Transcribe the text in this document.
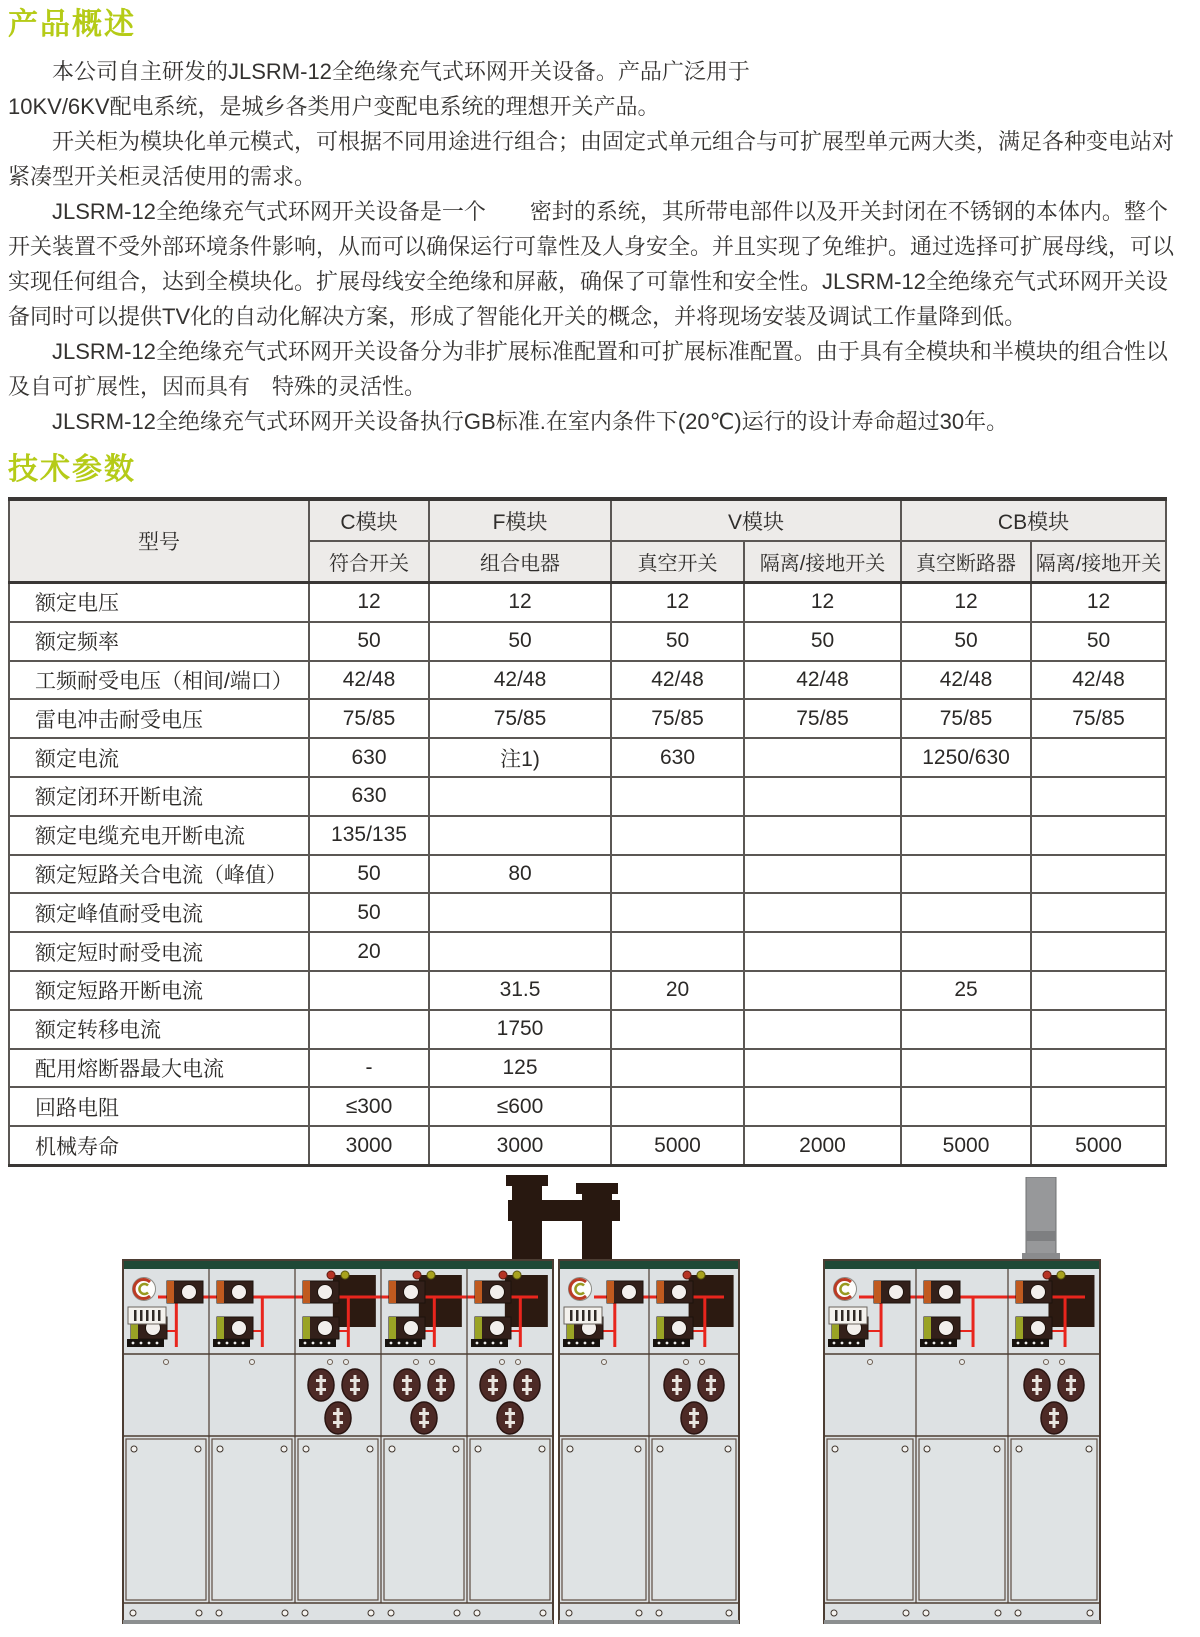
产品概述
本公司自主研发的JLSRM-12全绝缘充气式环网开关设备。产品广泛用于
10KV/6KV配电系统，是城乡各类用户变配电系统的理想开关产品。
开关柜为模块化单元模式，可根据不同用途进行组合；由固定式单元组合与可扩展型单元两大类，满足各种变电站对
紧凑型开关柜灵活使用的需求。
JLSRM-12全绝缘充气式环网开关设备是一个　　密封的系统，其所带电部件以及开关封闭在不锈钢的本体内。整个
开关装置不受外部环境条件影响，从而可以确保运行可靠性及人身安全。并且实现了免维护。通过选择可扩展母线，可以
实现任何组合，达到全模块化。扩展母线安全绝缘和屏蔽，确保了可靠性和安全性。JLSRM-12全绝缘充气式环网开关设
备同时可以提供TV化的自动化解决方案，形成了智能化开关的概念，并将现场安装及调试工作量降到低。
JLSRM-12全绝缘充气式环网开关设备分为非扩展标准配置和可扩展标准配置。由于具有全模块和半模块的组合性以
及自可扩展性，因而具有　特殊的灵活性。
JLSRM-12全绝缘充气式环网开关设备执行GB标准.在室内条件下(20℃)运行的设计寿命超过30年。
技术参数
型号	C模块	F模块	V模块		CB模块	
	符合开关	组合电器	真空开关	隔离/接地开关	真空断路器	隔离/接地开关
额定电压	12	12	12	12	12	12
额定频率	50	50	50	50	50	50
工频耐受电压（相间/端口）	42/48	42/48	42/48	42/48	42/48	42/48
雷电冲击耐受电压	75/85	75/85	75/85	75/85	75/85	75/85
额定电流	630	注1)	630		1250/630	
额定闭环开断电流	630					
额定电缆充电开断电流	135/135					
额定短路关合电流（峰值）	50	80				
额定峰值耐受电流	50					
额定短时耐受电流	20					
额定短路开断电流		31.5	20		25	
额定转移电流		1750				
配用熔断器最大电流	-	125				
回路电阻	≤300	≤600				
机械寿命	3000	3000	5000	2000	5000	5000
